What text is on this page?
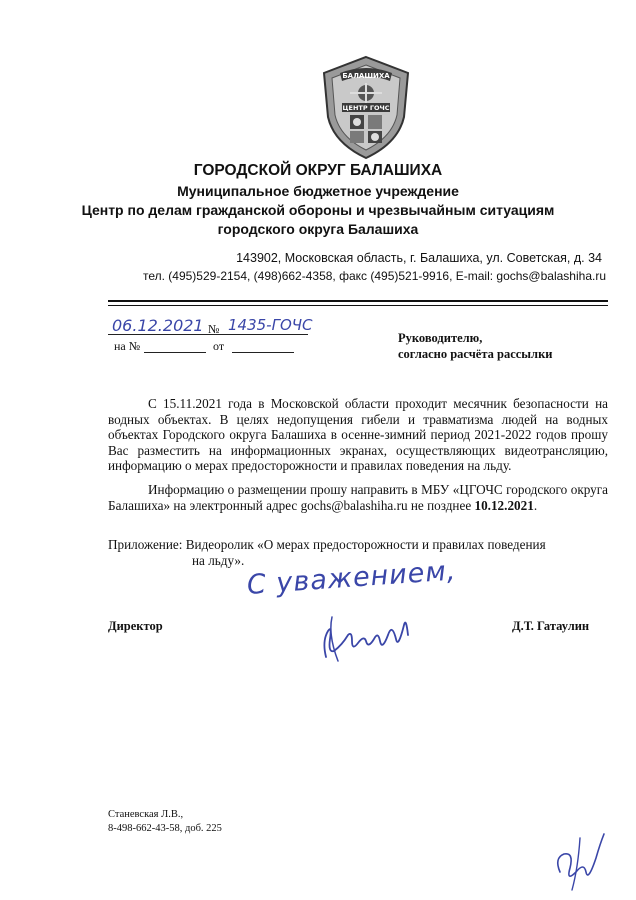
БАЛАШИХА
ЦЕНТР ГОЧС
ГОРОДСКОЙ ОКРУГ БАЛАШИХА
Муниципальное бюджетное учреждение
Центр по делам гражданской обороны и чрезвычайным ситуациям
городского округа Балашиха
143902, Московская область, г. Балашиха, ул. Советская, д. 34
тел. (495)529-2154, (498)662-4358, факс (495)521-9916, E-mail: gochs@balashiha.ru
06.12.2021 № 1435-ГОЧС
на №	от
Руководителю,
согласно расчёта рассылки
С 15.11.2021 года в Московской области проходит месячник безопасности на водных объектах. В целях недопущения гибели и травматизма людей на водных объектах Городского округа Балашиха в осенне-зимний период 2021-2022 годов прошу Вас разместить на информационных экранах, осуществляющих видеотрансляцию, информацию о мерах предосторожности и правилах поведения на льду.
Информацию о размещении прошу направить в МБУ «ЦГОЧС городского округа Балашиха» на электронный адрес gochs@balashiha.ru не позднее 10.12.2021.
Приложение: Видеоролик «О мерах предосторожности и правилах поведения
на льду». С уважением,
Директор	Д.Т. Гатаулин
Станевская Л.В.,
8-498-662-43-58, доб. 225
